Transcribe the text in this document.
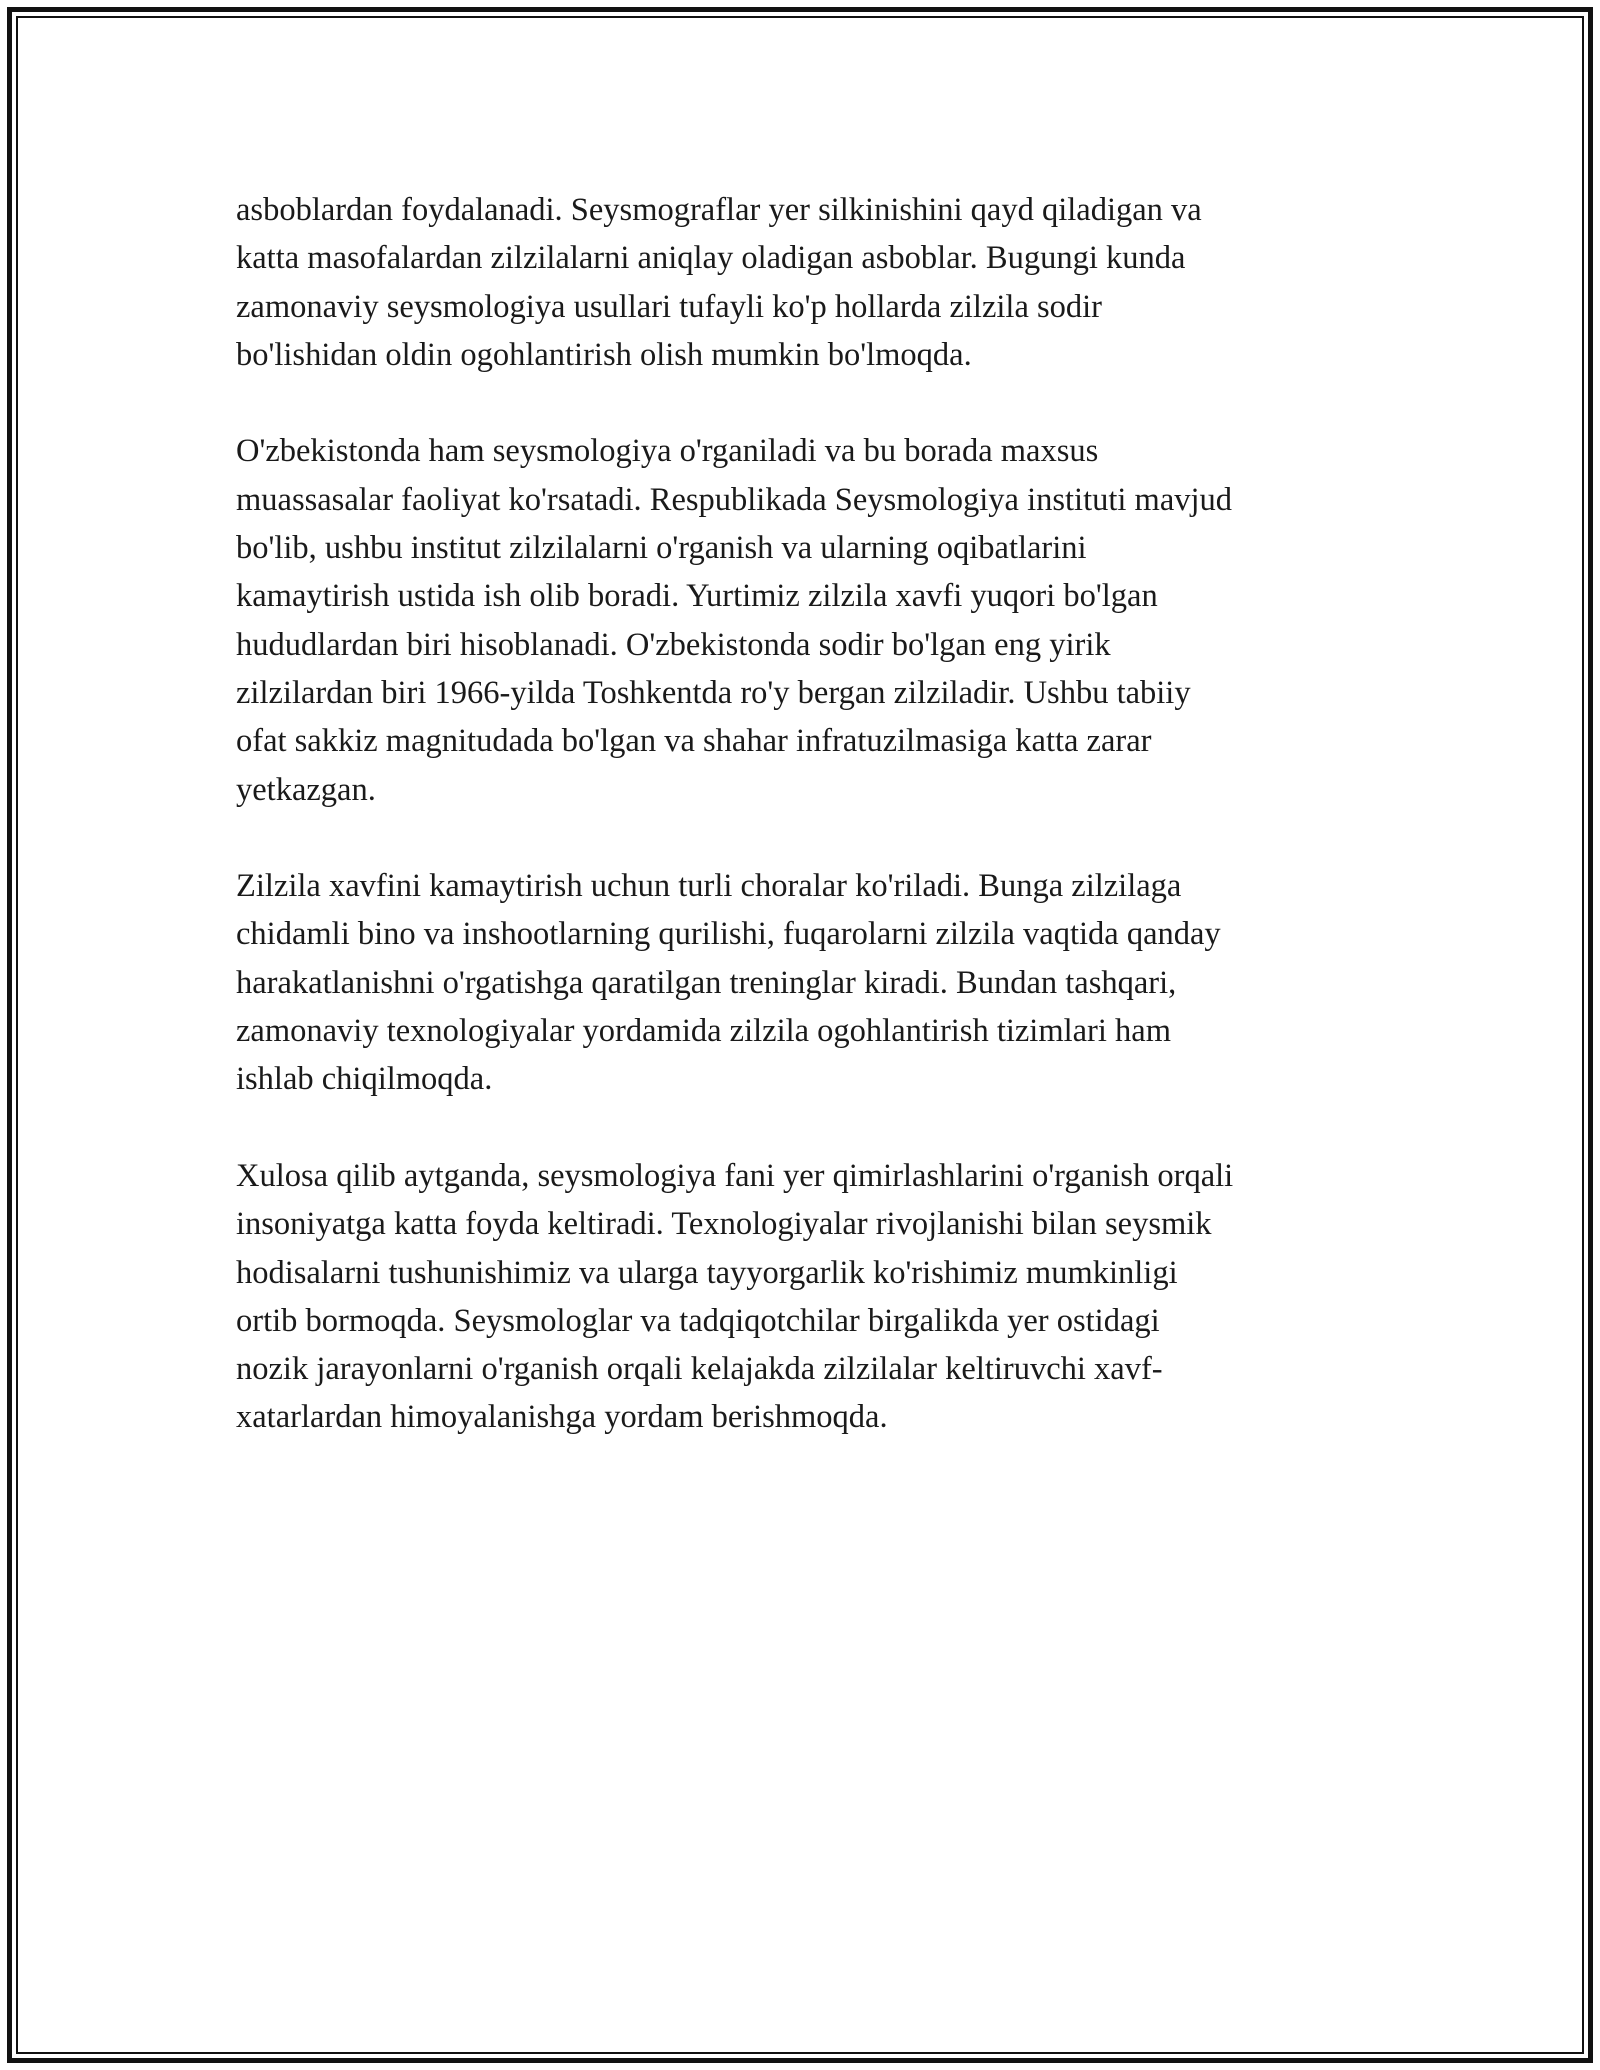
asboblardan foydalanadi. Seysmograflar yer silkinishini qayd qiladigan va
katta masofalardan zilzilalarni aniqlay oladigan asboblar. Bugungi kunda
zamonaviy seysmologiya usullari tufayli ko'p hollarda zilzila sodir
bo'lishidan oldin ogohlantirish olish mumkin bo'lmoqda.

O'zbekistonda ham seysmologiya o'rganiladi va bu borada maxsus
muassasalar faoliyat ko'rsatadi. Respublikada Seysmologiya instituti mavjud
bo'lib, ushbu institut zilzilalarni o'rganish va ularning oqibatlarini
kamaytirish ustida ish olib boradi. Yurtimiz zilzila xavfi yuqori bo'lgan
hududlardan biri hisoblanadi. O'zbekistonda sodir bo'lgan eng yirik
zilzilardan biri 1966-yilda Toshkentda ro'y bergan zilziladir. Ushbu tabiiy
ofat sakkiz magnitudada bo'lgan va shahar infratuzilmasiga katta zarar
yetkazgan.

Zilzila xavfini kamaytirish uchun turli choralar ko'riladi. Bunga zilzilaga
chidamli bino va inshootlarning qurilishi, fuqarolarni zilzila vaqtida qanday
harakatlanishni o'rgatishga qaratilgan treninglar kiradi. Bundan tashqari,
zamonaviy texnologiyalar yordamida zilzila ogohlantirish tizimlari ham
ishlab chiqilmoqda.

Xulosa qilib aytganda, seysmologiya fani yer qimirlashlarini o'rganish orqali
insoniyatga katta foyda keltiradi. Texnologiyalar rivojlanishi bilan seysmik
hodisalarni tushunishimiz va ularga tayyorgarlik ko'rishimiz mumkinligi
ortib bormoqda. Seysmologlar va tadqiqotchilar birgalikda yer ostidagi
nozik jarayonlarni o'rganish orqali kelajakda zilzilalar keltiruvchi xavf-
xatarlardan himoyalanishga yordam berishmoqda.
